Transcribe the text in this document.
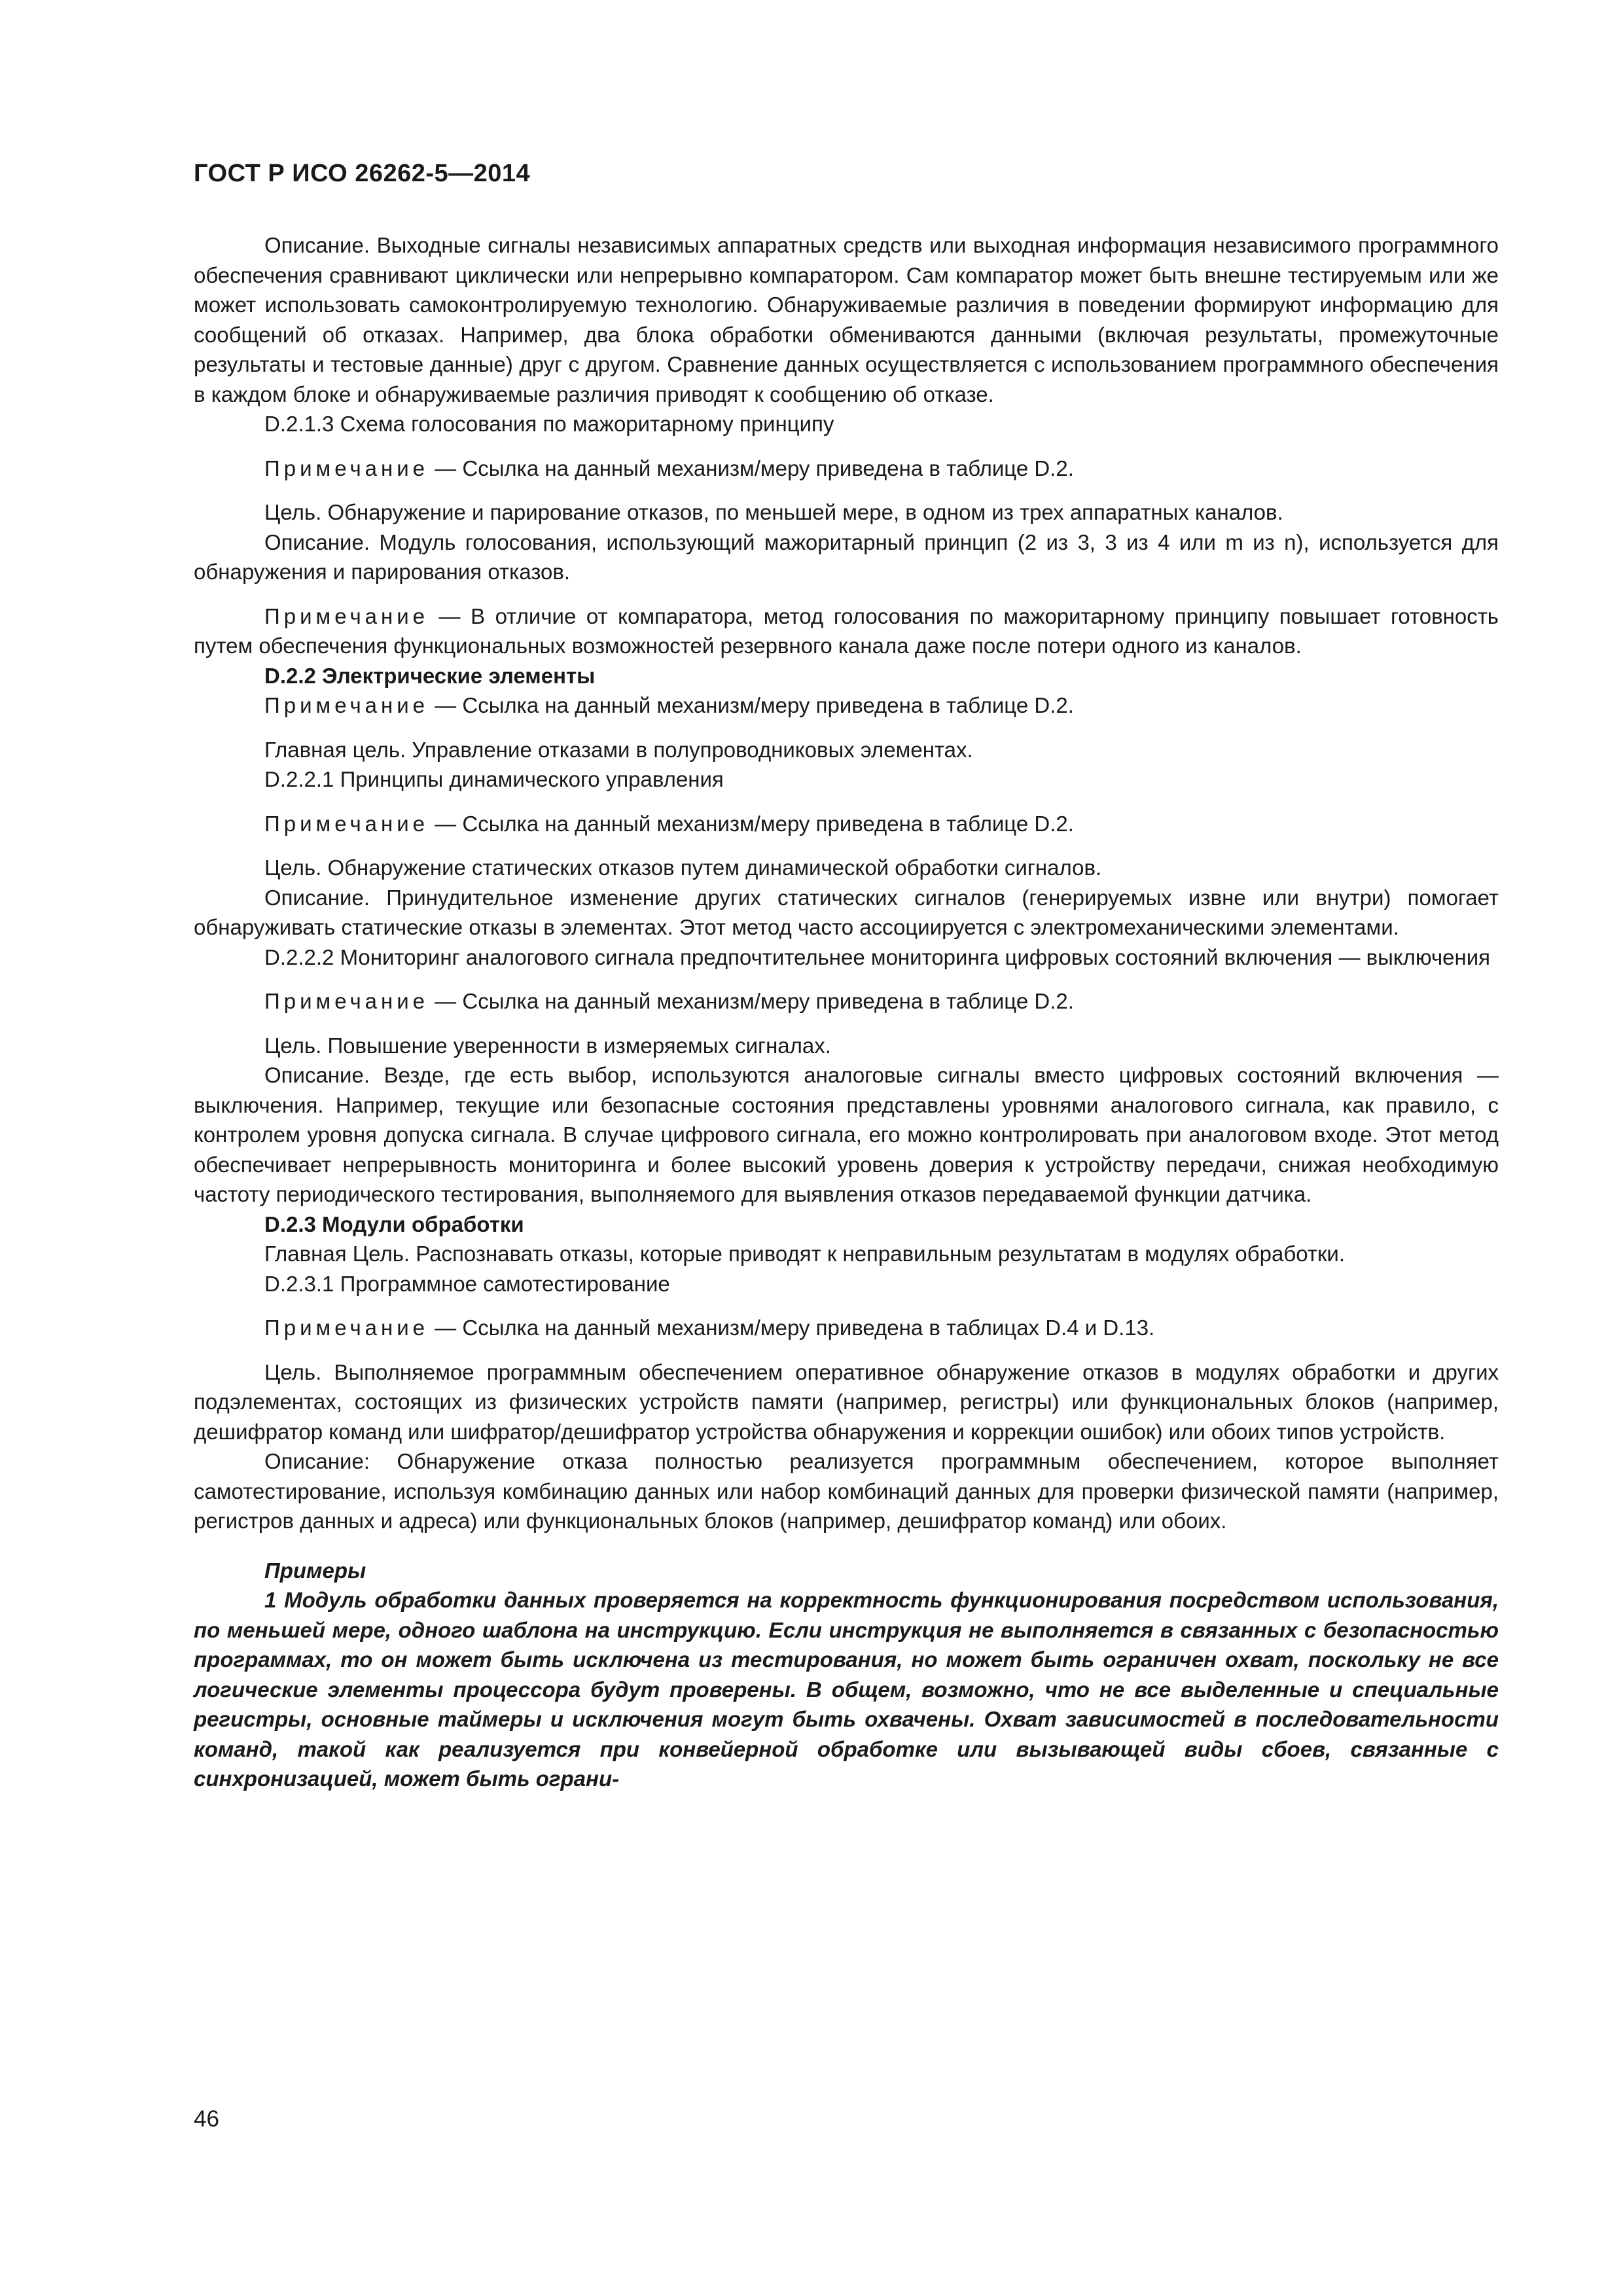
ГОСТ Р ИСО 26262-5—2014

Описание. Выходные сигналы независимых аппаратных средств или выходная информация независимого программного обеспечения сравнивают циклически или непрерывно компаратором. Сам компаратор может быть внешне тестируемым или же может использовать самоконтролируемую технологию. Обнаруживаемые различия в поведении формируют информацию для сообщений об отказах. Например, два блока обработки обмениваются данными (включая результаты, промежуточные результаты и тестовые данные) друг с другом. Сравнение данных осуществляется с использованием программного обеспечения в каждом блоке и обнаруживаемые различия приводят к сообщению об отказе.

D.2.1.3 Схема голосования по мажоритарному принципу

Примечание — Ссылка на данный механизм/меру приведена в таблице D.2.

Цель. Обнаружение и парирование отказов, по меньшей мере, в одном из трех аппаратных каналов.

Описание. Модуль голосования, использующий мажоритарный принцип (2 из 3, 3 из 4 или m из n), используется для обнаружения и парирования отказов.

Примечание — В отличие от компаратора, метод голосования по мажоритарному принципу повышает готовность путем обеспечения функциональных возможностей резервного канала даже после потери одного из каналов.

D.2.2 Электрические элементы

Примечание — Ссылка на данный механизм/меру приведена в таблице D.2.

Главная цель. Управление отказами в полупроводниковых элементах.

D.2.2.1 Принципы динамического управления

Примечание — Ссылка на данный механизм/меру приведена в таблице D.2.

Цель. Обнаружение статических отказов путем динамической обработки сигналов.

Описание. Принудительное изменение других статических сигналов (генерируемых извне или внутри) помогает обнаруживать статические отказы в элементах. Этот метод часто ассоциируется с электромеханическими элементами.

D.2.2.2 Мониторинг аналогового сигнала предпочтительнее мониторинга цифровых состояний включения — выключения

Примечание — Ссылка на данный механизм/меру приведена в таблице D.2.

Цель. Повышение уверенности в измеряемых сигналах.

Описание. Везде, где есть выбор, используются аналоговые сигналы вместо цифровых состояний включения — выключения. Например, текущие или безопасные состояния представлены уровнями аналогового сигнала, как правило, с контролем уровня допуска сигнала. В случае цифрового сигнала, его можно контролировать при аналоговом входе. Этот метод обеспечивает непрерывность мониторинга и более высокий уровень доверия к устройству передачи, снижая необходимую частоту периодического тестирования, выполняемого для выявления отказов передаваемой функции датчика.

D.2.3 Модули обработки

Главная Цель. Распознавать отказы, которые приводят к неправильным результатам в модулях обработки.

D.2.3.1 Программное самотестирование

Примечание — Ссылка на данный механизм/меру приведена в таблицах D.4 и D.13.

Цель. Выполняемое программным обеспечением оперативное обнаружение отказов в модулях обработки и других подэлементах, состоящих из физических устройств памяти (например, регистры) или функциональных блоков (например, дешифратор команд или шифратор/дешифратор устройства обнаружения и коррекции ошибок) или обоих типов устройств.

Описание: Обнаружение отказа полностью реализуется программным обеспечением, которое выполняет самотестирование, используя комбинацию данных или набор комбинаций данных для проверки физической памяти (например, регистров данных и адреса) или функциональных блоков (например, дешифратор команд) или обоих.

Примеры

1 Модуль обработки данных проверяется на корректность функционирования посредством использования, по меньшей мере, одного шаблона на инструкцию. Если инструкция не выполняется в связанных с безопасностью программах, то он может быть исключена из тестирования, но может быть ограничен охват, поскольку не все логические элементы процессора будут проверены. В общем, возможно, что не все выделенные и специальные регистры, основные таймеры и исключения могут быть охвачены. Охват зависимостей в последовательности команд, такой как реализуется при конвейерной обработке или вызывающей виды сбоев, связанные с синхронизацией, может быть ограни-

46
